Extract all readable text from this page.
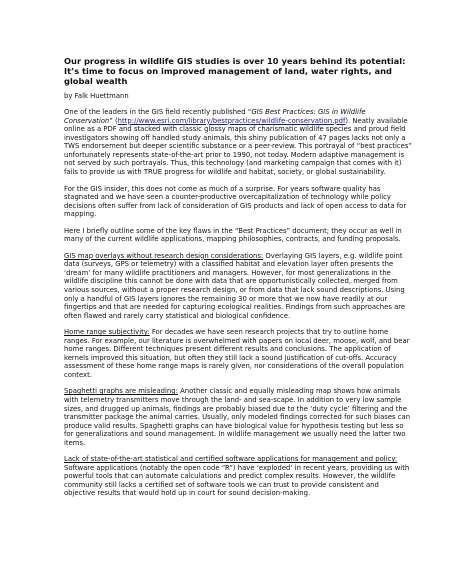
Our progress in wildlife GIS studies is over 10 years behind its potential: It’s time to focus on improved management of land, water rights, and global wealth
by Falk Huettmann

One of the leaders in the GIS field recently published “GIS Best Practices: GIS in Wildlife Conservation” (http://www.esri.com/library/bestpractices/wildlife-conservation.pdf). Neatly available online as a PDF and stacked with classic glossy maps of charismatic wildlife species and proud field investigators showing off handled study animals, this shiny publication of 47 pages lacks not only a TWS endorsement but deeper scientific substance or a peer-review. This portrayal of “best practices” unfortunately represents state-of-the-art prior to 1990, not today. Modern adaptive management is not served by such portrayals. Thus, this technology (and marketing campaign that comes with it) fails to provide us with TRUE progress for wildlife and habitat, society, or global sustainability.

For the GIS insider, this does not come as much of a surprise. For years software quality has stagnated and we have seen a counter-productive overcapitalization of technology while policy decisions often suffer from lack of consideration of GIS products and lack of open access to data for mapping.

Here I briefly outline some of the key flaws in the “Best Practices” document; they occur as well in many of the current wildlife applications, mapping philosophies, contracts, and funding proposals.

GIS map overlays without research design considerations: Overlaying GIS layers, e.g. wildlife point data (surveys, GPS or telemetry) with a classified habitat and elevation layer often presents the ‘dream’ for many wildlife practitioners and managers. However, for most generalizations in the wildlife discipline this cannot be done with data that are opportunistically collected, merged from various sources, without a proper research design, or from data that lack sound descriptions. Using only a handful of GIS layers ignores the remaining 30 or more that we now have readily at our fingertips and that are needed for capturing ecological realities. Findings from such approaches are often flawed and rarely carry statistical and biological confidence.

Home range subjectivity: For decades we have seen research projects that try to outline home ranges. For example, our literature is overwhelmed with papers on local deer, moose, wolf, and bear home ranges. Different techniques present different results and conclusions. The application of kernels improved this situation, but often they still lack a sound justification of cut-offs. Accuracy assessment of these home range maps is rarely given, nor considerations of the overall population context.

Spaghetti graphs are misleading: Another classic and equally misleading map shows how animals with telemetry transmitters move through the land- and sea-scape. In addition to very low sample sizes, and drugged up animals, findings are probably biased due to the ‘duty cycle’ filtering and the transmitter package the animal carries. Usually, only modeled findings corrected for such biases can produce valid results. Spaghetti graphs can have biological value for hypothesis testing but less so for generalizations and sound management. In wildlife management we usually need the latter two items.

Lack of state-of-the-art statistical and certified software applications for management and policy: Software applications (notably the open code “R”) have ‘exploded’ in recent years, providing us with powerful tools that can automate calculations and predict complex results. However, the wildlife community still lacks a certified set of software tools we can trust to provide consistent and objective results that would hold up in court for sound decision-making.
